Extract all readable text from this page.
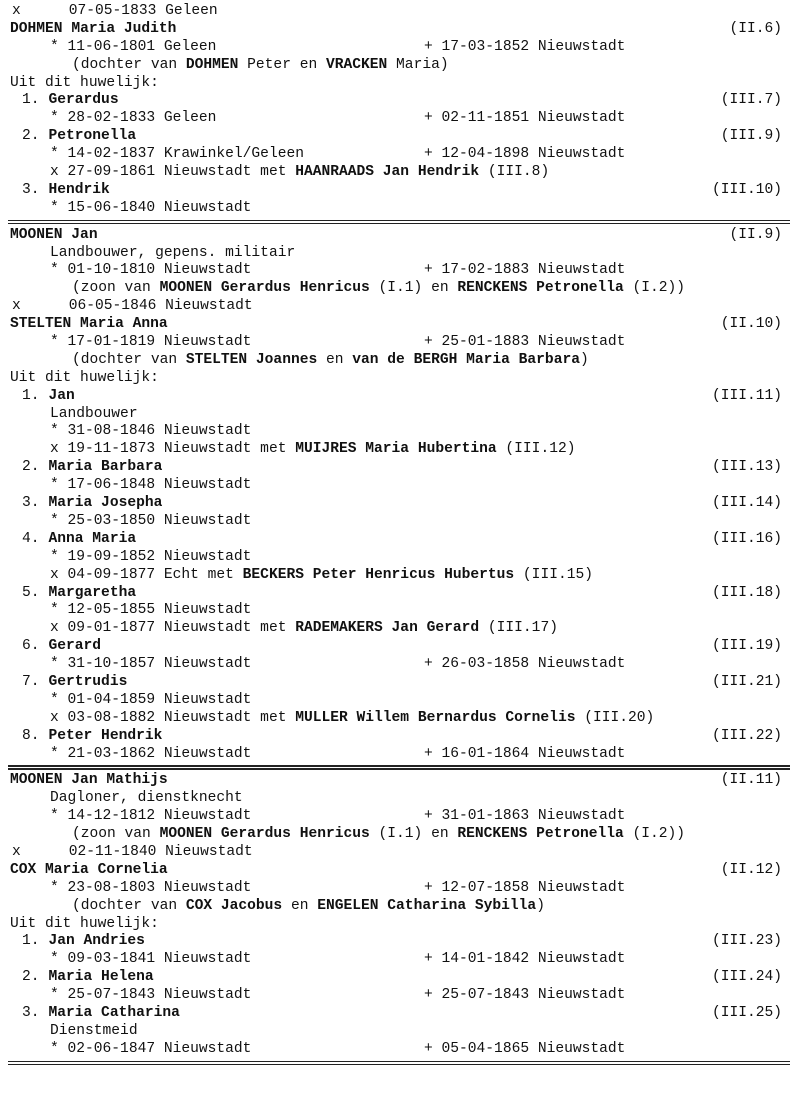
x	07-05-1833 Geleen
DOHMEN Maria Judith	(II.6)
* 11-06-1801 Geleen	+ 17-03-1852 Nieuwstadt
(dochter van DOHMEN Peter en VRACKEN Maria)
Uit dit huwelijk:
1. Gerardus	(III.7)
* 28-02-1833 Geleen	+ 02-11-1851 Nieuwstadt
2. Petronella	(III.9)
* 14-02-1837 Krawinkel/Geleen	+ 12-04-1898 Nieuwstadt
x 27-09-1861 Nieuwstadt met HAANRAADS Jan Hendrik (III.8)
3. Hendrik	(III.10)
* 15-06-1840 Nieuwstadt
MOONEN Jan	(II.9)
Landbouwer, gepens. militair
* 01-10-1810 Nieuwstadt	+ 17-02-1883 Nieuwstadt
(zoon van MOONEN Gerardus Henricus (I.1) en RENCKENS Petronella (I.2))
x	06-05-1846 Nieuwstadt
STELTEN Maria Anna	(II.10)
* 17-01-1819 Nieuwstadt	+ 25-01-1883 Nieuwstadt
(dochter van STELTEN Joannes en van de BERGH Maria Barbara)
Uit dit huwelijk:
1. Jan	(III.11)
Landbouwer
* 31-08-1846 Nieuwstadt
x 19-11-1873 Nieuwstadt met MUIJRES Maria Hubertina (III.12)
2. Maria Barbara	(III.13)
* 17-06-1848 Nieuwstadt
3. Maria Josepha	(III.14)
* 25-03-1850 Nieuwstadt
4. Anna Maria	(III.16)
* 19-09-1852 Nieuwstadt
x 04-09-1877 Echt met BECKERS Peter Henricus Hubertus (III.15)
5. Margaretha	(III.18)
* 12-05-1855 Nieuwstadt
x 09-01-1877 Nieuwstadt met RADEMAKERS Jan Gerard (III.17)
6. Gerard	(III.19)
* 31-10-1857 Nieuwstadt	+ 26-03-1858 Nieuwstadt
7. Gertrudis	(III.21)
* 01-04-1859 Nieuwstadt
x 03-08-1882 Nieuwstadt met MULLER Willem Bernardus Cornelis (III.20)
8. Peter Hendrik	(III.22)
* 21-03-1862 Nieuwstadt	+ 16-01-1864 Nieuwstadt
MOONEN Jan Mathijs	(II.11)
Dagloner, dienstknecht
* 14-12-1812 Nieuwstadt	+ 31-01-1863 Nieuwstadt
(zoon van MOONEN Gerardus Henricus (I.1) en RENCKENS Petronella (I.2))
x	02-11-1840 Nieuwstadt
COX Maria Cornelia	(II.12)
* 23-08-1803 Nieuwstadt	+ 12-07-1858 Nieuwstadt
(dochter van COX Jacobus en ENGELEN Catharina Sybilla)
Uit dit huwelijk:
1. Jan Andries	(III.23)
* 09-03-1841 Nieuwstadt	+ 14-01-1842 Nieuwstadt
2. Maria Helena	(III.24)
* 25-07-1843 Nieuwstadt	+ 25-07-1843 Nieuwstadt
3. Maria Catharina	(III.25)
Dienstmeid
* 02-06-1847 Nieuwstadt	+ 05-04-1865 Nieuwstadt
